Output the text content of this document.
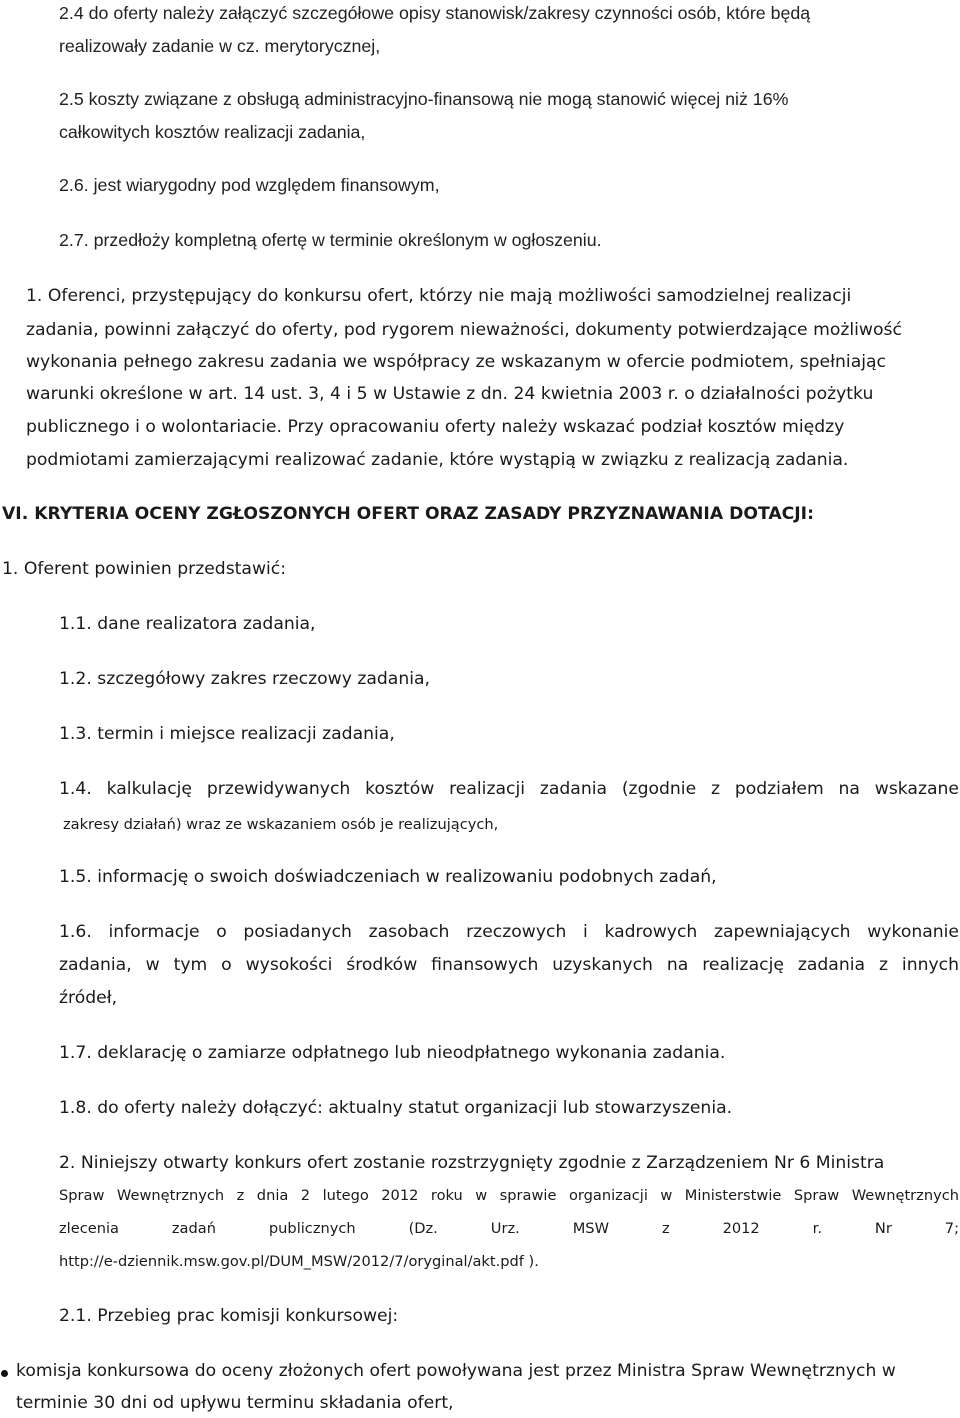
2.4 do oferty należy załączyć szczegółowe opisy stanowisk/zakresy czynności osób, które będą
realizowały zadanie w cz. merytorycznej,
2.5 koszty związane z obsługą administracyjno-finansową nie mogą stanowić więcej niż 16%
całkowitych kosztów realizacji zadania,
2.6. jest wiarygodny pod względem finansowym,
2.7. przedłoży kompletną ofertę w terminie określonym w ogłoszeniu.
1. Oferenci, przystępujący do konkursu ofert, którzy nie mają możliwości samodzielnej realizacji
zadania, powinni załączyć do oferty, pod rygorem nieważności, dokumenty potwierdzające możliwość
wykonania pełnego zakresu zadania we współpracy ze wskazanym w ofercie podmiotem, spełniając
warunki określone w art. 14 ust. 3, 4 i 5 w Ustawie z dn. 24 kwietnia 2003 r. o działalności pożytku
publicznego i o wolontariacie. Przy opracowaniu oferty należy wskazać podział kosztów między
podmiotami zamierzającymi realizować zadanie, które wystąpią w związku z realizacją zadania.
VI. KRYTERIA OCENY ZGŁOSZONYCH OFERT ORAZ ZASADY PRZYZNAWANIA DOTACJI:
1. Oferent powinien przedstawić:
1.1. dane realizatora zadania,
1.2. szczegółowy zakres rzeczowy zadania,
1.3. termin i miejsce realizacji zadania,
1.4. kalkulację przewidywanych kosztów realizacji zadania (zgodnie z podziałem na wskazane
zakresy działań) wraz ze wskazaniem osób je realizujących,
1.5. informację o swoich doświadczeniach w realizowaniu podobnych zadań,
1.6. informacje o posiadanych zasobach rzeczowych i kadrowych zapewniających wykonanie
zadania, w tym o wysokości środków finansowych uzyskanych na realizację zadania z innych
źródeł,
1.7. deklarację o zamiarze odpłatnego lub nieodpłatnego wykonania zadania.
1.8. do oferty należy dołączyć: aktualny statut organizacji lub stowarzyszenia.
2. Niniejszy otwarty konkurs ofert zostanie rozstrzygnięty zgodnie z Zarządzeniem Nr 6 Ministra
Spraw Wewnętrznych z dnia 2 lutego 2012 roku w sprawie organizacji w Ministerstwie Spraw Wewnętrznych
zlecenia zadań publicznych (Dz. Urz. MSW z 2012 r. Nr 7;
http://e-dziennik.msw.gov.pl/DUM_MSW/2012/7/oryginal/akt.pdf ).
2.1. Przebieg prac komisji konkursowej:
komisja konkursowa do oceny złożonych ofert powoływana jest przez Ministra Spraw Wewnętrznych w
terminie 30 dni od upływu terminu składania ofert,
